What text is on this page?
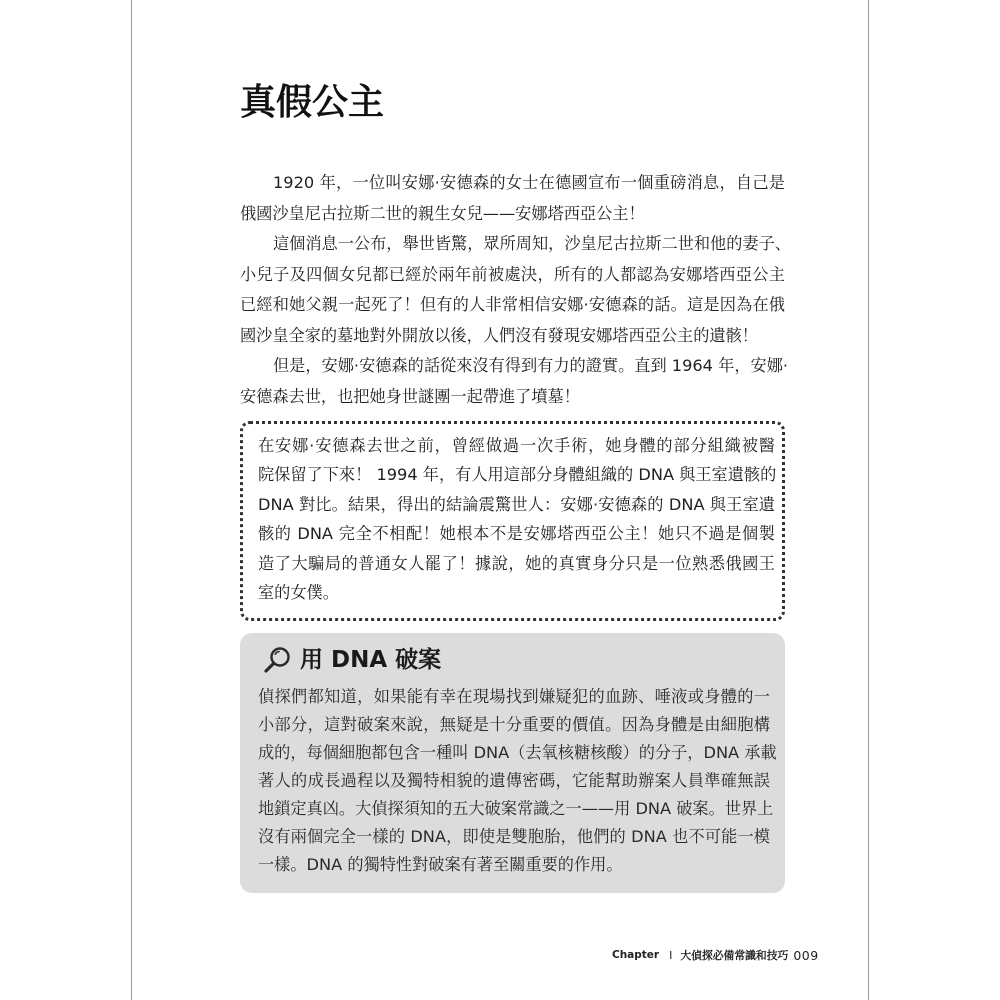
真假公主
1920 年，一位叫安娜·安德森的女士在德國宣布一個重磅消息，自己是
俄國沙皇尼古拉斯二世的親生女兒——安娜塔西亞公主！
這個消息一公布，舉世皆驚，眾所周知，沙皇尼古拉斯二世和他的妻子、
小兒子及四個女兒都已經於兩年前被處決，所有的人都認為安娜塔西亞公主
已經和她父親一起死了！但有的人非常相信安娜·安德森的話。這是因為在俄
國沙皇全家的墓地對外開放以後，人們沒有發現安娜塔西亞公主的遺骸！
但是，安娜·安德森的話從來沒有得到有力的證實。直到 1964 年，安娜·
安德森去世，也把她身世謎團一起帶進了墳墓！
在安娜·安德森去世之前，曾經做過一次手術，她身體的部分組織被醫
院保留了下來！ 1994 年，有人用這部分身體組織的 DNA 與王室遺骸的
DNA 對比。結果，得出的結論震驚世人：安娜·安德森的 DNA 與王室遺
骸的 DNA 完全不相配！她根本不是安娜塔西亞公主！她只不過是個製
造了大騙局的普通女人罷了！據說，她的真實身分只是一位熟悉俄國王
室的女僕。
用 DNA 破案
偵探們都知道，如果能有幸在現場找到嫌疑犯的血跡、唾液或身體的一
小部分，這對破案來說，無疑是十分重要的價值。因為身體是由細胞構
成的，每個細胞都包含一種叫 DNA（去氧核糖核酸）的分子，DNA 承載
著人的成長過程以及獨特相貌的遺傳密碼，它能幫助辦案人員準確無誤
地鎖定真凶。大偵探須知的五大破案常識之一——用 DNA 破案。世界上
沒有兩個完全一樣的 DNA，即使是雙胞胎，他們的 DNA 也不可能一模
一樣。DNA 的獨特性對破案有著至關重要的作用。
Chapter I 大偵探必備常識和技巧 009
